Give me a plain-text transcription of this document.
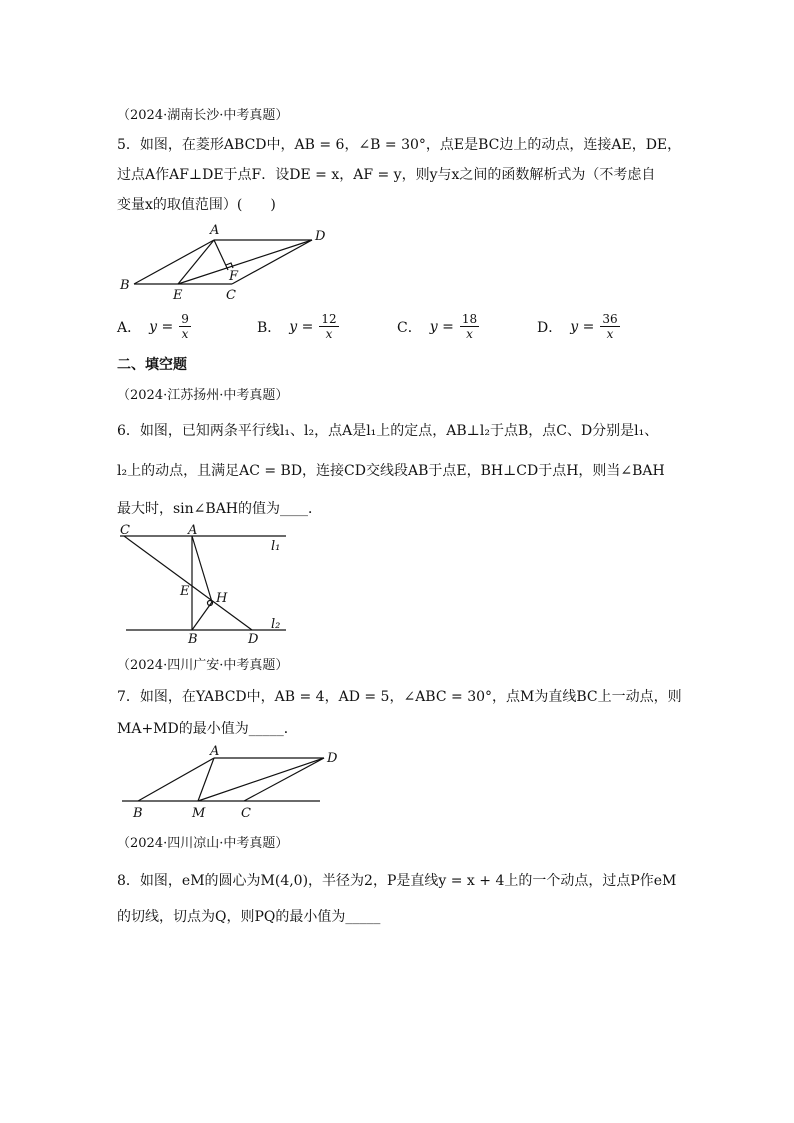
（2024·湖南长沙·中考真题）
5．如图，在菱形ABCD中，AB = 6，∠B = 30°，点E是BC边上的动点，连接AE，DE，
过点A作AF⊥DE于点F．设DE = x，AF = y，则y与x之间的函数解析式为（不考虑自
变量x的取值范围）(　　)
A	D
B
E	C
F
A． $y = \frac{9}{x}$	B． $y = \frac{12}{x}$	C． $y = \frac{18}{x}$	D． $y = \frac{36}{x}$
二、填空题
（2024·江苏扬州·中考真题）
6．如图，已知两条平行线l₁、l₂，点A是l₁上的定点，AB⊥l₂于点B，点C、D分别是l₁、
l₂上的动点，且满足AC = BD，连接CD交线段AB于点E，BH⊥CD于点H，则当∠BAH
最大时，sin∠BAH的值为____．
C	A
l₁
E H
l₂
B	D
（2024·四川广安·中考真题）
7．如图，在YABCD中，AB = 4，AD = 5，∠ABC = 30°，点M为直线BC上一动点，则
MA+MD的最小值为_____．
A	D
B	M	C
（2024·四川凉山·中考真题）
8．如图，eM的圆心为M(4,0)，半径为2，P是直线y = x + 4上的一个动点，过点P作eM
的切线，切点为Q，则PQ的最小值为_____
